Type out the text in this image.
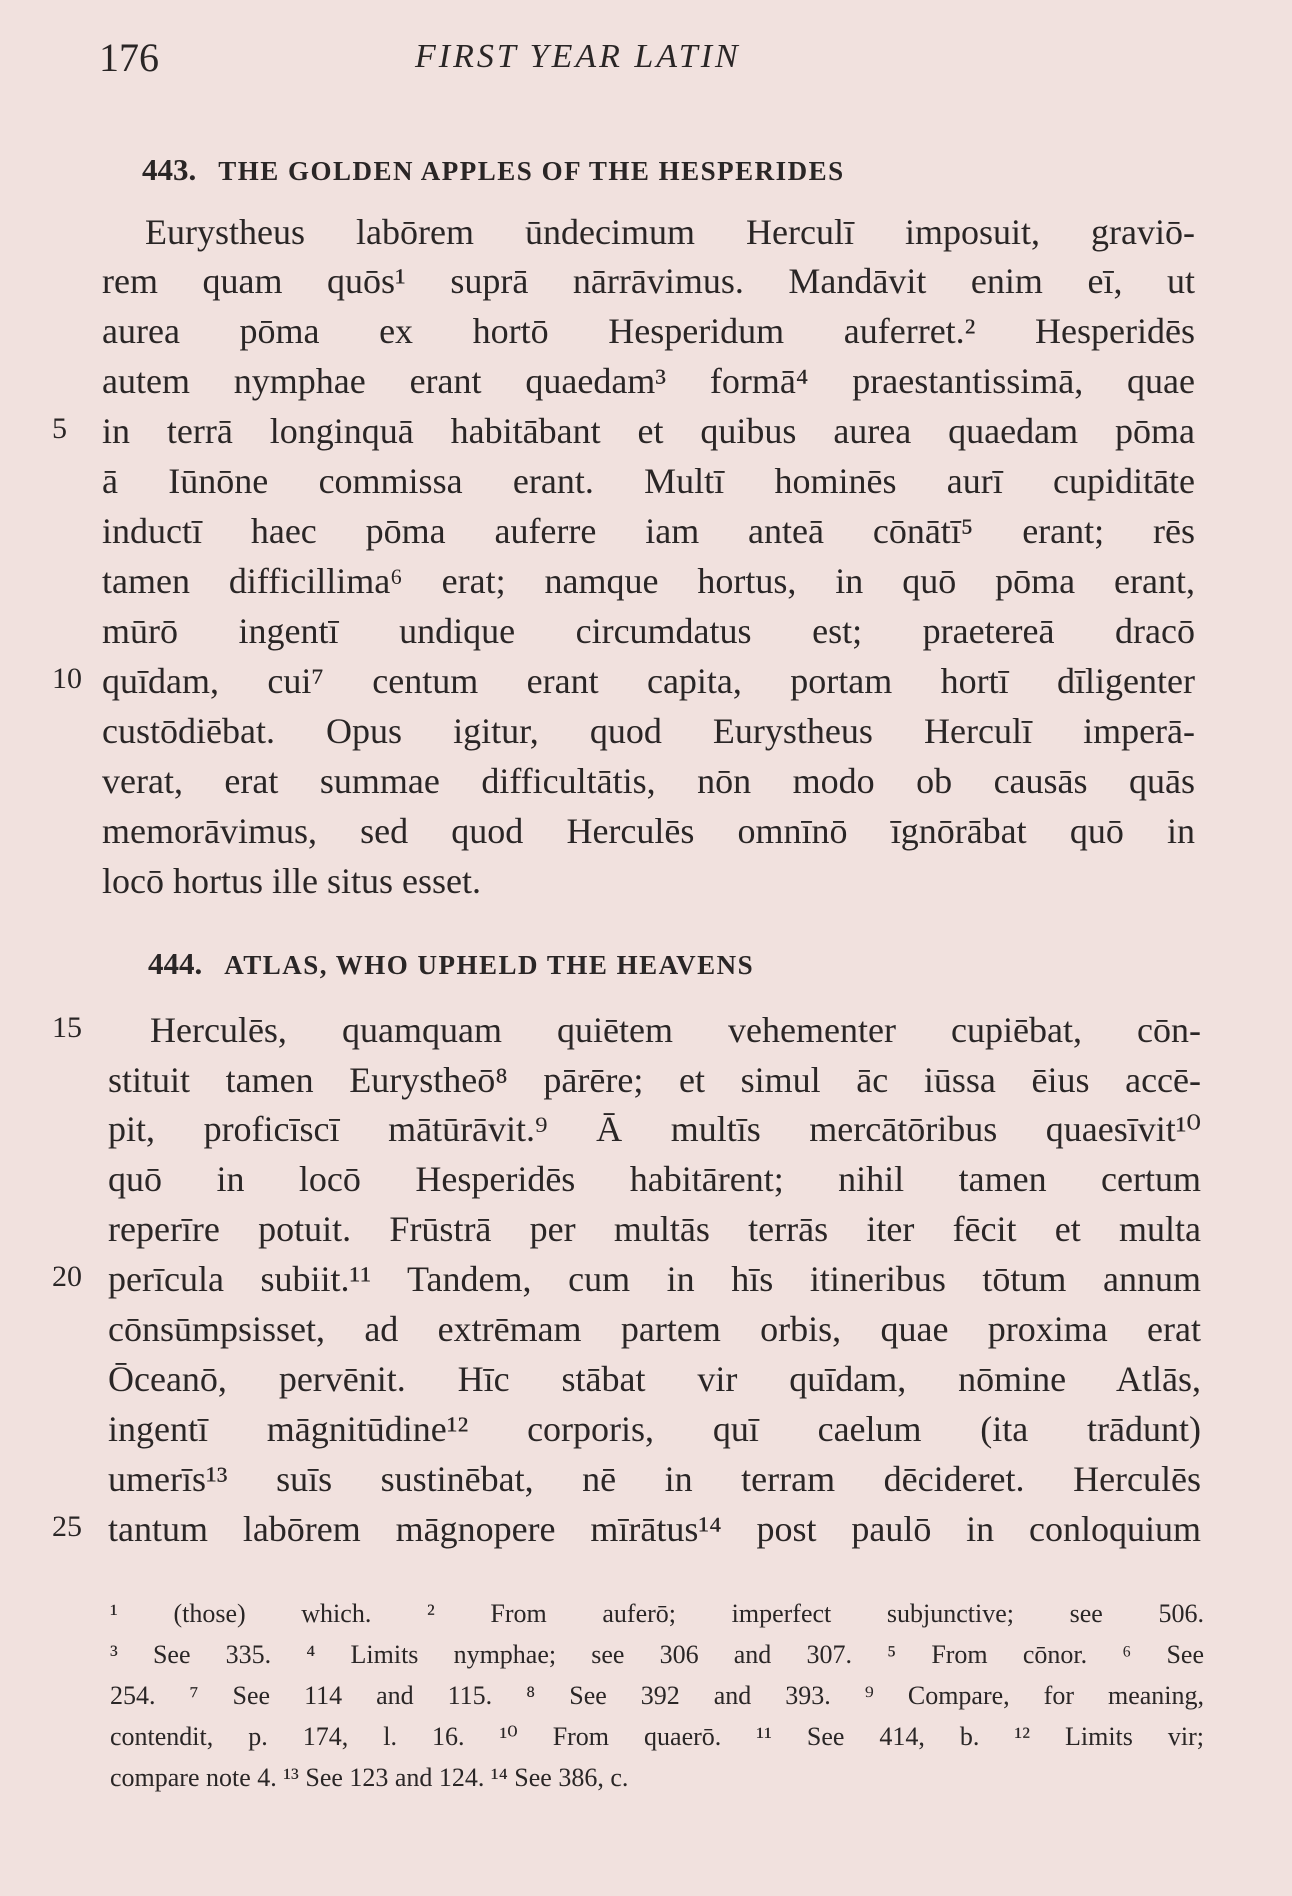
176	FIRST YEAR LATIN
443. THE GOLDEN APPLES OF THE HESPERIDES
Eurystheus labōrem ūndecimum Herculī imposuit, graviō-
rem quam quōs¹ suprā nārrāvimus. Mandāvit enim eī, ut
aurea pōma ex hortō Hesperidum auferret.² Hesperidēs
autem nymphae erant quaedam³ formā⁴ praestantissimā, quae
5 in terrā longinquā habitābant et quibus aurea quaedam pōma
ā Iūnōne commissa erant. Multī hominēs aurī cupiditāte
inductī haec pōma auferre iam anteā cōnātī⁵ erant; rēs
tamen difficillima⁶ erat; namque hortus, in quō pōma erant,
mūrō ingentī undique circumdatus est; praetereā dracō
10 quīdam, cui⁷ centum erant capita, portam hortī dīligenter
custōdiēbat. Opus igitur, quod Eurystheus Herculī imperā-
verat, erat summae difficultātis, nōn modo ob causās quās
memorāvimus, sed quod Herculēs omnīnō īgnōrābat quō in
locō hortus ille situs esset.
444. ATLAS, WHO UPHELD THE HEAVENS
15 Herculēs, quamquam quiētem vehementer cupiēbat, cōn-
stituit tamen Eurystheō⁸ pārēre; et simul āc iūssa ēius accē-
pit, proficīscī mātūrāvit.⁹ Ā multīs mercātōribus quaesīvit¹⁰
quō in locō Hesperidēs habitārent; nihil tamen certum
reperīre potuit. Frūstrā per multās terrās iter fēcit et multa
20 perīcula subiit.¹¹ Tandem, cum in hīs itineribus tōtum annum
cōnsūmpsisset, ad extrēmam partem orbis, quae proxima erat
Ōceanō, pervēnit. Hīc stābat vir quīdam, nōmine Atlās,
ingentī māgnitūdine¹² corporis, quī caelum (ita trādunt)
umerīs¹³ suīs sustinēbat, nē in terram dēcideret. Herculēs
25 tantum labōrem māgnopere mīrātus¹⁴ post paulō in conloquium
¹ (those) which. ² From auferō; imperfect subjunctive; see 506.
³ See 335. ⁴ Limits nymphae; see 306 and 307. ⁵ From cōnor. ⁶ See
254. ⁷ See 114 and 115. ⁸ See 392 and 393. ⁹ Compare, for meaning,
contendit, p. 174, l. 16. ¹⁰ From quaerō. ¹¹ See 414, b. ¹² Limits vir;
compare note 4. ¹³ See 123 and 124. ¹⁴ See 386, c.
